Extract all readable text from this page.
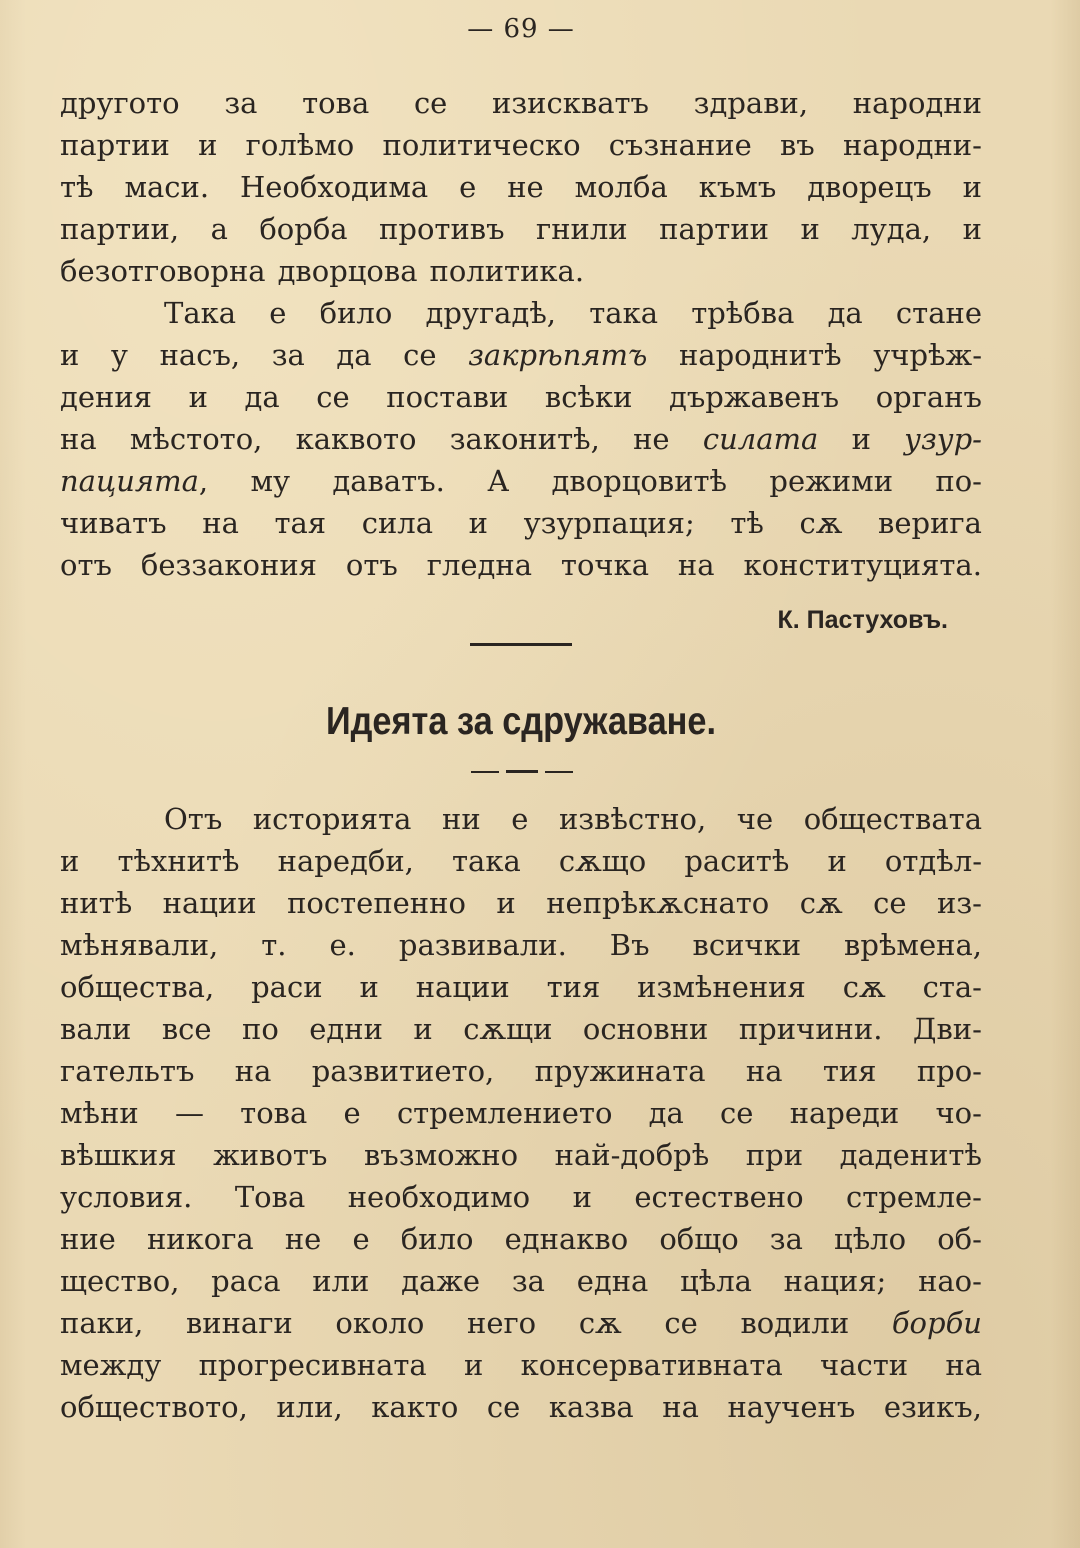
— 69 —
другото за това се изискватъ здрави, народни
партии и голѣмо политическо съзнание въ народни-
тѣ маси. Необходима е не молба къмъ дворецъ и
партии, а борба противъ гнили партии и луда, и
безотговорна дворцова политика.
Така е било другадѣ, така трѣбва да стане
и у насъ, за да се закрѣпятъ народнитѣ учрѣж-
дения и да се постави всѣки държавенъ органъ
на мѣстото, каквото законитѣ, не силата и узур-
пацията, му даватъ. А дворцовитѣ режими по-
чиватъ на тая сила и узурпация; тѣ сѫ верига
отъ беззакония отъ гледна точка на конституцията.
К. Пастуховъ.
Идеята за сдружаване.
Отъ историята ни е извѣстно, че обществата
и тѣхнитѣ наредби, така сѫщо раситѣ и отдѣл-
нитѣ нации постепенно и непрѣкѫснато сѫ се из-
мѣнявали, т. е. развивали. Въ всички врѣмена,
общества, раси и нации тия измѣнения сѫ ста-
вали все по едни и сѫщи основни причини. Дви-
гательтъ на развитието, пружината на тия про-
мѣни — това е стремлението да се нареди чо-
вѣшкия животъ възможно най-добрѣ при даденитѣ
условия. Това необходимо и естествено стремле-
ние никога не е било еднакво общо за цѣло об-
щество, раса или даже за една цѣла нация; нао-
паки, винаги около него сѫ се водили борби
между прогресивната и консервативната части на
обществото, или, както се казва на наученъ езикъ,
